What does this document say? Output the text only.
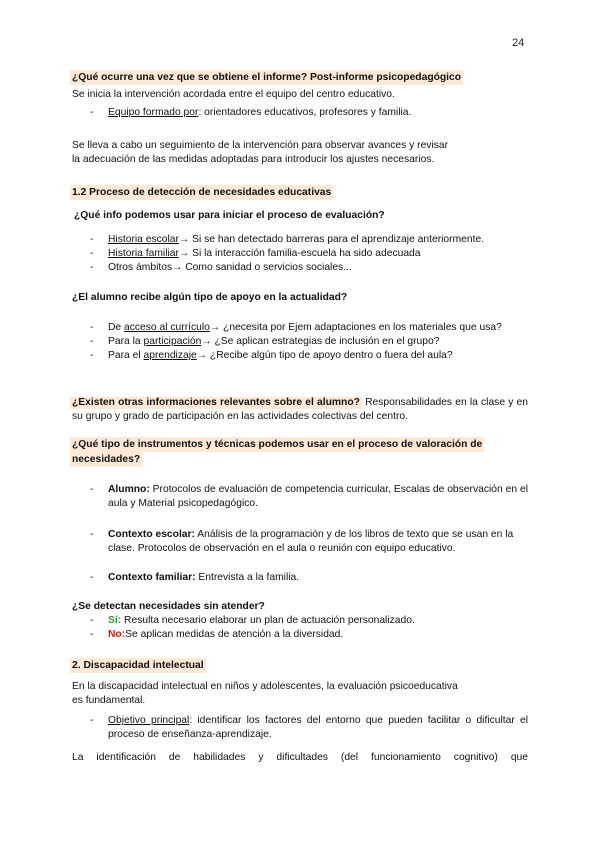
24
¿Qué ocurre una vez que se obtiene el informe? Post-informe psicopedagógico
Se inicia la intervención acordada entre el equipo del centro educativo.
- Equipo formado por: orientadores educativos, profesores y familia.
Se lleva a cabo un seguimiento de la intervención para observar avances y revisar
la adecuación de las medidas adoptadas para introducir los ajustes necesarios.
1.2 Proceso de detección de necesidades educativas
¿Qué info podemos usar para iniciar el proceso de evaluación?
- Historia escolar→ Si se han detectado barreras para el aprendizaje anteriormente.
- Historia familiar→ Si la interacción familia-escuela ha sido adecuada
- Otros ámbitos→ Como sanidad o servicios sociales...
¿El alumno recibe algún tipo de apoyo en la actualidad?
- De acceso al currículo→ ¿necesita por Ejem adaptaciones en los materiales que usa?
- Para la participación→ ¿Se aplican estrategias de inclusión en el grupo?
- Para el aprendizaje→ ¿Recibe algún tipo de apoyo dentro o fuera del aula?
¿Existen otras informaciones relevantes sobre el alumno? Responsabilidades en la clase y en su grupo y grado de participación en las actividades colectivas del centro.
¿Qué tipo de instrumentos y técnicas podemos usar en el proceso de valoración de
necesidades?
- Alumno: Protocolos de evaluación de competencia curricular, Escalas de observación en el aula y Material psicopedagógico.
- Contexto escolar: Análisis de la programación y de los libros de texto que se usan en la clase. Protocolos de observación en el aula o reunión con equipo educativo.
- Contexto familiar: Entrevista a la familia.
¿Se detectan necesidades sin atender?
- Sí: Resulta necesario elaborar un plan de actuación personalizado.
- No:Se aplican medidas de atención a la diversidad.
2. Discapacidad intelectual
En la discapacidad intelectual en niños y adolescentes, la evaluación psicoeducativa
es fundamental.
- Objetivo principal: identificar los factores del entorno que pueden facilitar o dificultar el proceso de enseñanza-aprendizaje.
La identificación de habilidades y dificultades (del funcionamiento cognitivo) que
